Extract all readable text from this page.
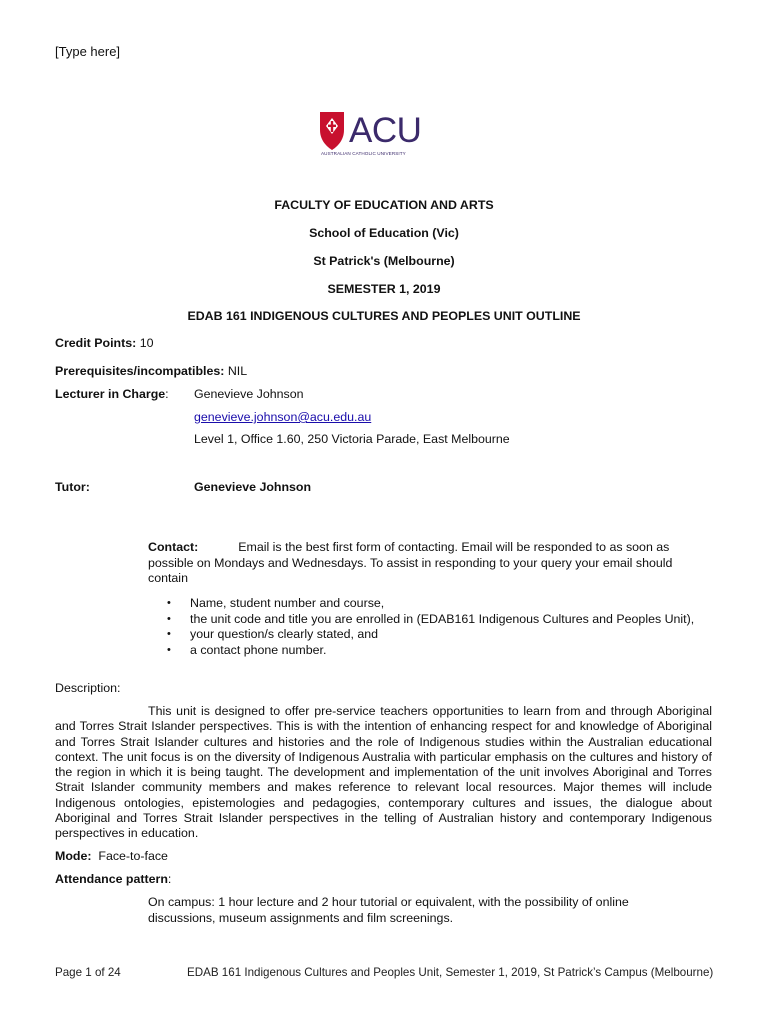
[Type here]
ACU
AUSTRALIAN CATHOLIC UNIVERSITY
FACULTY OF EDUCATION AND ARTS
School of Education (Vic)
St Patrick's (Melbourne)
SEMESTER 1, 2019
EDAB 161 INDIGENOUS CULTURES AND PEOPLES UNIT OUTLINE
Credit Points: 10
Prerequisites/incompatibles: NIL
Lecturer in Charge: Genevieve Johnson
genevieve.johnson@acu.edu.au
Level 1, Office 1.60, 250 Victoria Parade, East Melbourne
Tutor:	Genevieve Johnson
Contact:	Email is the best first form of contacting. Email will be responded to as soon as possible on Mondays and Wednesdays. To assist in responding to your query your email should contain
• Name, student number and course,
• the unit code and title you are enrolled in (EDAB161 Indigenous Cultures and Peoples Unit),
• your question/s clearly stated, and
• a contact phone number.
Description:
This unit is designed to offer pre-service teachers opportunities to learn from and through Aboriginal and Torres Strait Islander perspectives. This is with the intention of enhancing respect for and knowledge of Aboriginal and Torres Strait Islander cultures and histories and the role of Indigenous studies within the Australian educational context. The unit focus is on the diversity of Indigenous Australia with particular emphasis on the cultures and history of the region in which it is being taught. The development and implementation of the unit involves Aboriginal and Torres Strait Islander community members and makes reference to relevant local resources. Major themes will include Indigenous ontologies, epistemologies and pedagogies, contemporary cultures and issues, the dialogue about Aboriginal and Torres Strait Islander perspectives in the telling of Australian history and contemporary Indigenous perspectives in education.
Mode: Face-to-face
Attendance pattern:
On campus: 1 hour lecture and 2 hour tutorial or equivalent, with the possibility of online discussions, museum assignments and film screenings.
Page 1 of 24	EDAB 161 Indigenous Cultures and Peoples Unit, Semester 1, 2019, St Patrick’s Campus (Melbourne)
